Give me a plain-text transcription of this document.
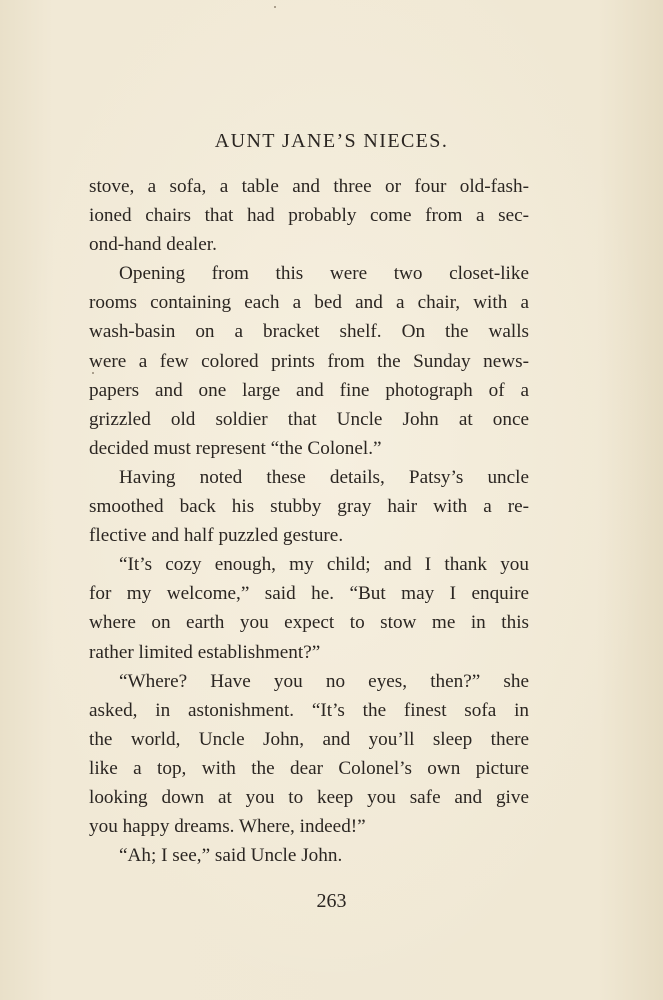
AUNT JANE’S NIECES.
stove, a sofa, a table and three or four old-fash-
ioned chairs that had probably come from a sec-
ond-hand dealer.
Opening from this were two closet-like
rooms containing each a bed and a chair, with a
wash-basin on a bracket shelf. On the walls
were a few colored prints from the Sunday news-
papers and one large and fine photograph of a
grizzled old soldier that Uncle John at once
decided must represent “the Colonel.”
Having noted these details, Patsy’s uncle
smoothed back his stubby gray hair with a re-
flective and half puzzled gesture.
“It’s cozy enough, my child; and I thank you
for my welcome,” said he. “But may I enquire
where on earth you expect to stow me in this
rather limited establishment?”
“Where? Have you no eyes, then?” she
asked, in astonishment. “It’s the finest sofa in
the world, Uncle John, and you’ll sleep there
like a top, with the dear Colonel’s own picture
looking down at you to keep you safe and give
you happy dreams. Where, indeed!”
“Ah; I see,” said Uncle John.
263
